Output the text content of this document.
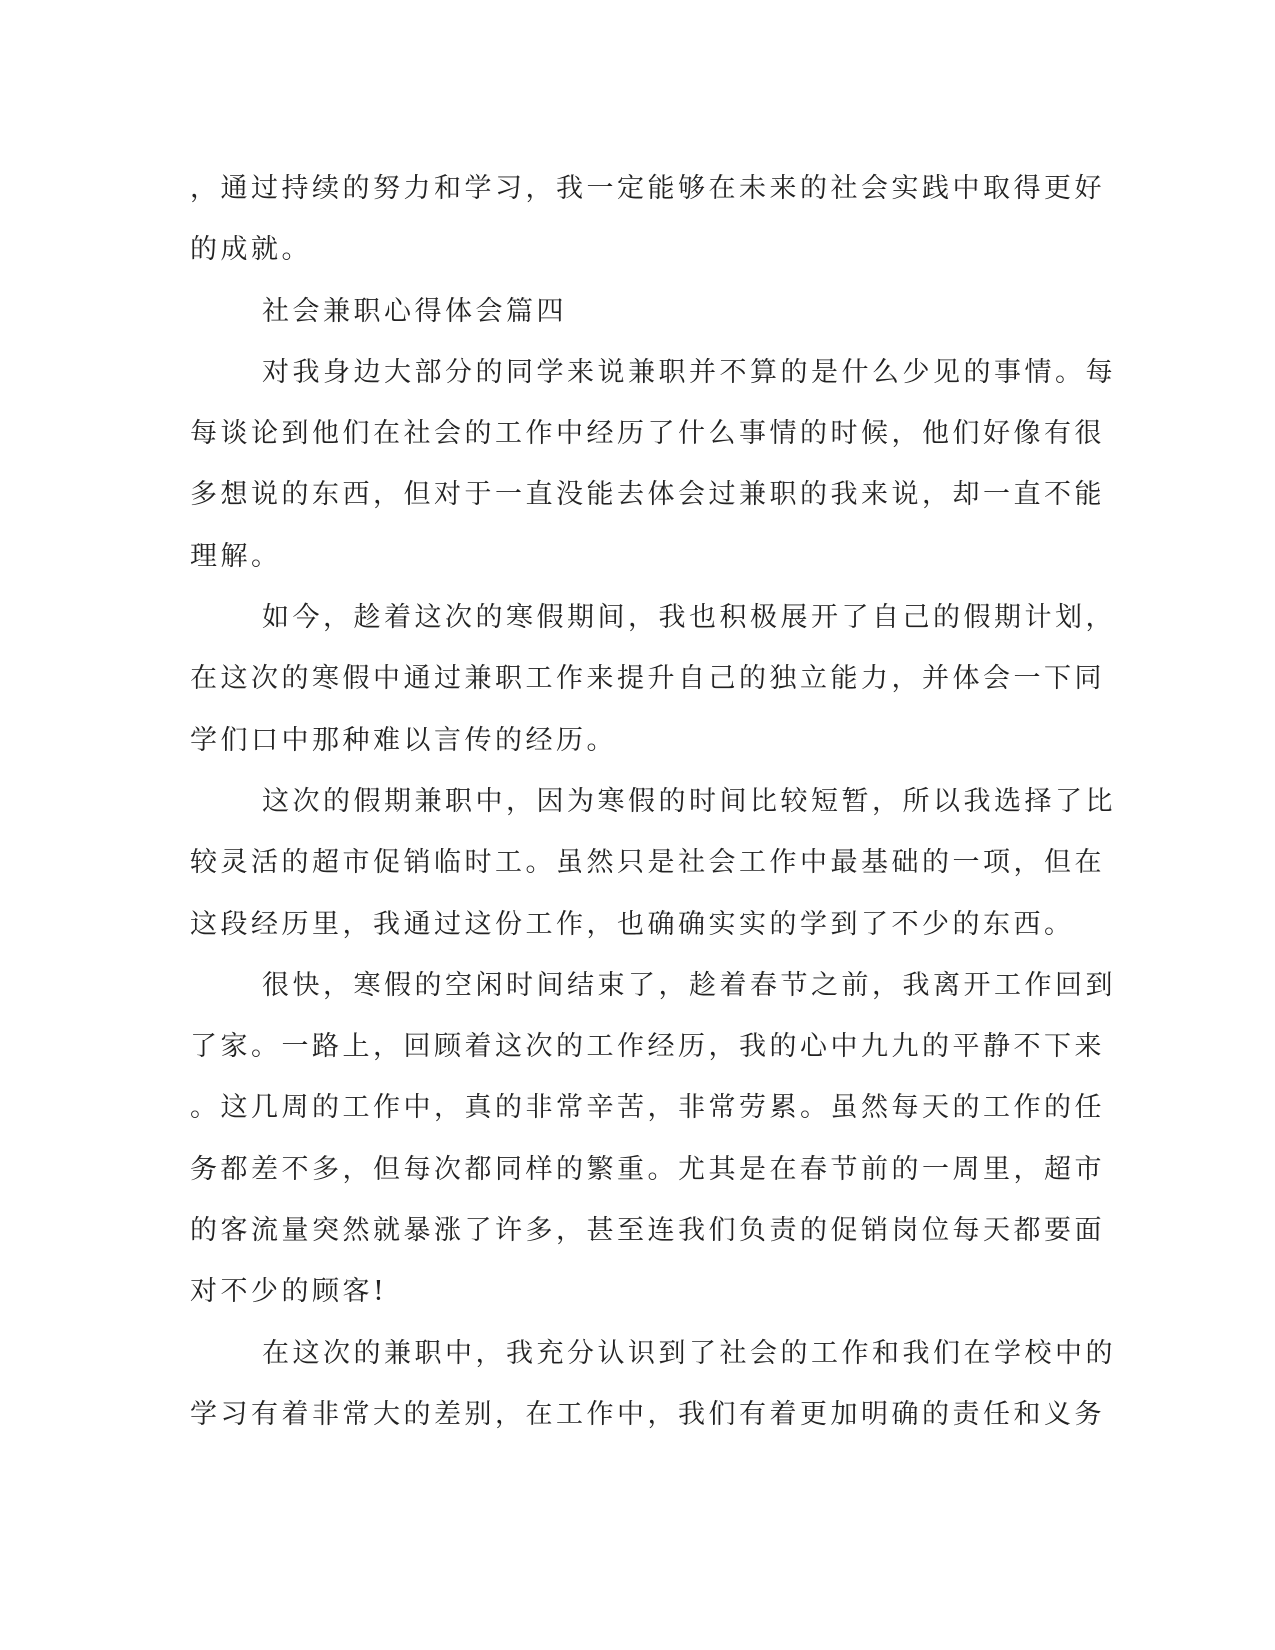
，通过持续的努力和学习，我一定能够在未来的社会实践中取得更好
的成就。
社会兼职心得体会篇四
对我身边大部分的同学来说兼职并不算的是什么少见的事情。每
每谈论到他们在社会的工作中经历了什么事情的时候，他们好像有很
多想说的东西，但对于一直没能去体会过兼职的我来说，却一直不能
理解。
如今，趁着这次的寒假期间，我也积极展开了自己的假期计划，
在这次的寒假中通过兼职工作来提升自己的独立能力，并体会一下同
学们口中那种难以言传的经历。
这次的假期兼职中，因为寒假的时间比较短暂，所以我选择了比
较灵活的超市促销临时工。虽然只是社会工作中最基础的一项，但在
这段经历里，我通过这份工作，也确确实实的学到了不少的东西。
很快，寒假的空闲时间结束了，趁着春节之前，我离开工作回到
了家。一路上，回顾着这次的工作经历，我的心中九九的平静不下来
。这几周的工作中，真的非常辛苦，非常劳累。虽然每天的工作的任
务都差不多，但每次都同样的繁重。尤其是在春节前的一周里，超市
的客流量突然就暴涨了许多，甚至连我们负责的促销岗位每天都要面
对不少的顾客!
在这次的兼职中，我充分认识到了社会的工作和我们在学校中的
学习有着非常大的差别，在工作中，我们有着更加明确的责任和义务
